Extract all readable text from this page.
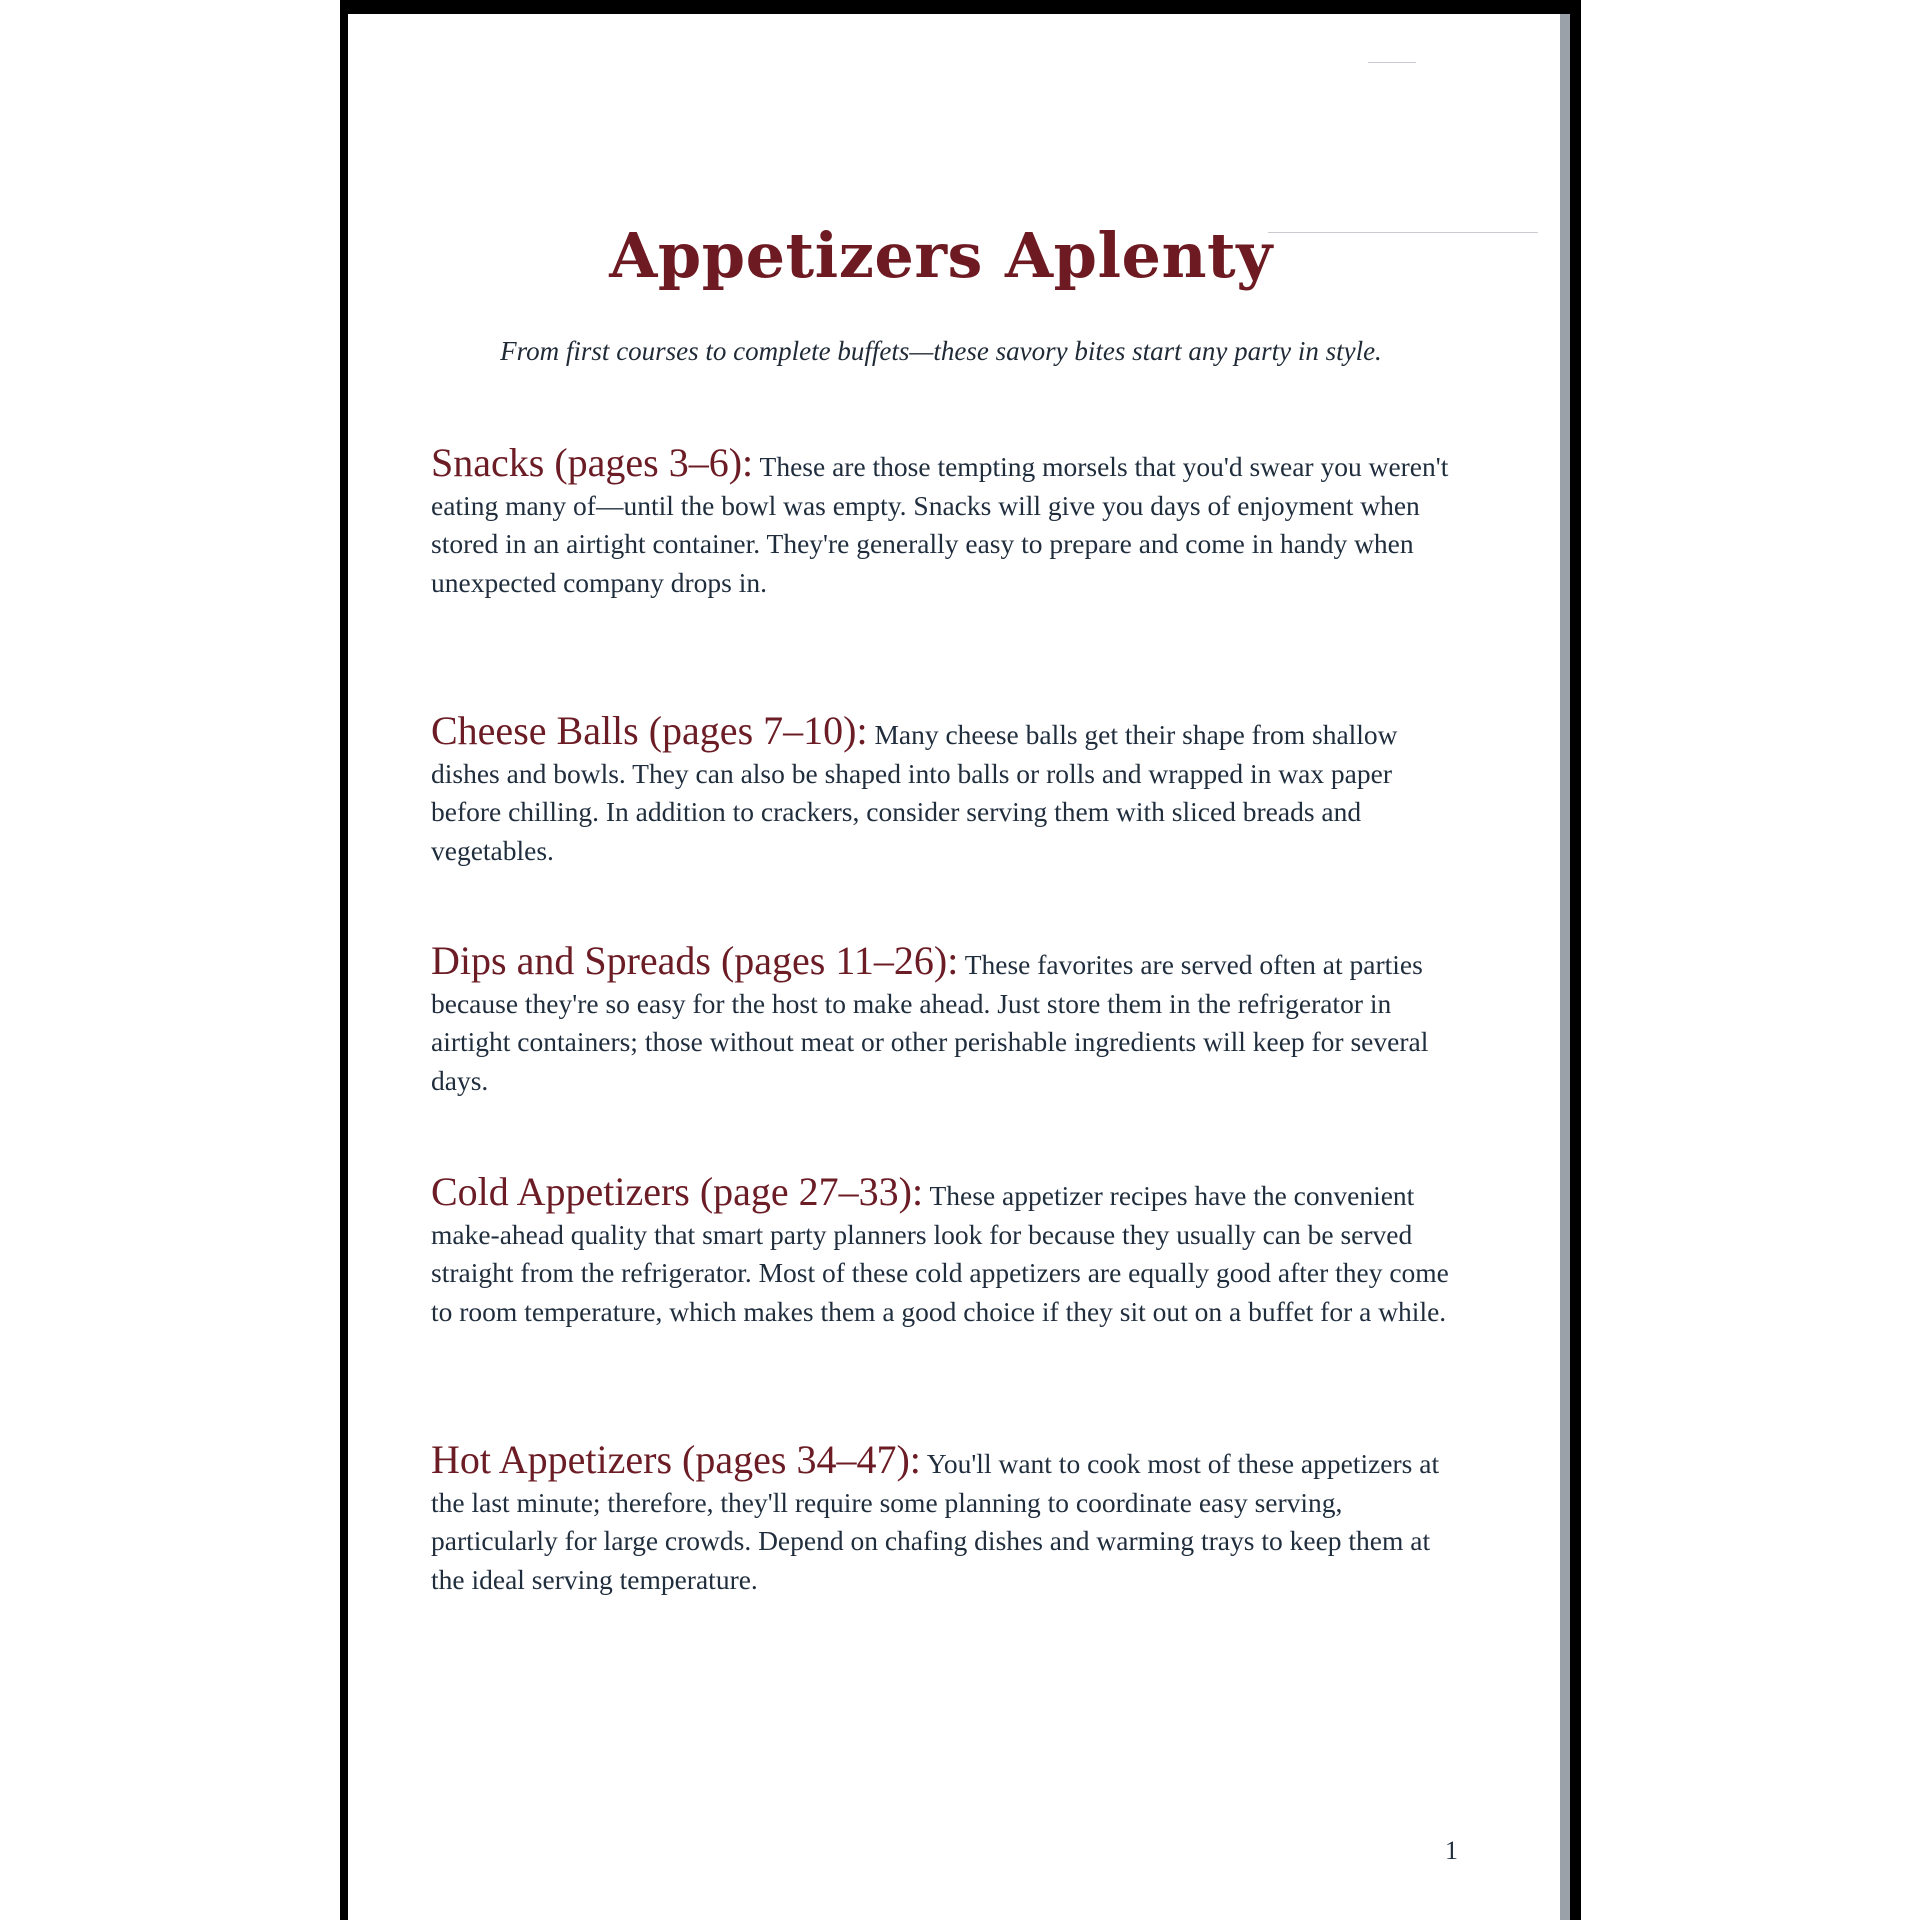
Appetizers Aplenty

From first courses to complete buffets—these savory bites start any party in style.

Snacks (pages 3–6): These are those tempting morsels that you'd swear you weren't eating many of—until the bowl was empty. Snacks will give you days of enjoyment when stored in an airtight container. They're generally easy to prepare and come in handy when unexpected company drops in.

Cheese Balls (pages 7–10): Many cheese balls get their shape from shallow dishes and bowls. They can also be shaped into balls or rolls and wrapped in wax paper before chilling. In addition to crackers, consider serving them with sliced breads and vegetables.

Dips and Spreads (pages 11–26): These favorites are served often at parties because they're so easy for the host to make ahead. Just store them in the refrigerator in airtight containers; those without meat or other perishable ingredients will keep for several days.

Cold Appetizers (page 27–33): These appetizer recipes have the convenient make-ahead quality that smart party planners look for because they usually can be served straight from the refrigerator. Most of these cold appetizers are equally good after they come to room temperature, which makes them a good choice if they sit out on a buffet for a while.

Hot Appetizers (pages 34–47): You'll want to cook most of these appetizers at the last minute; therefore, they'll require some planning to coordinate easy serving, particularly for large crowds. Depend on chafing dishes and warming trays to keep them at the ideal serving temperature.

1
